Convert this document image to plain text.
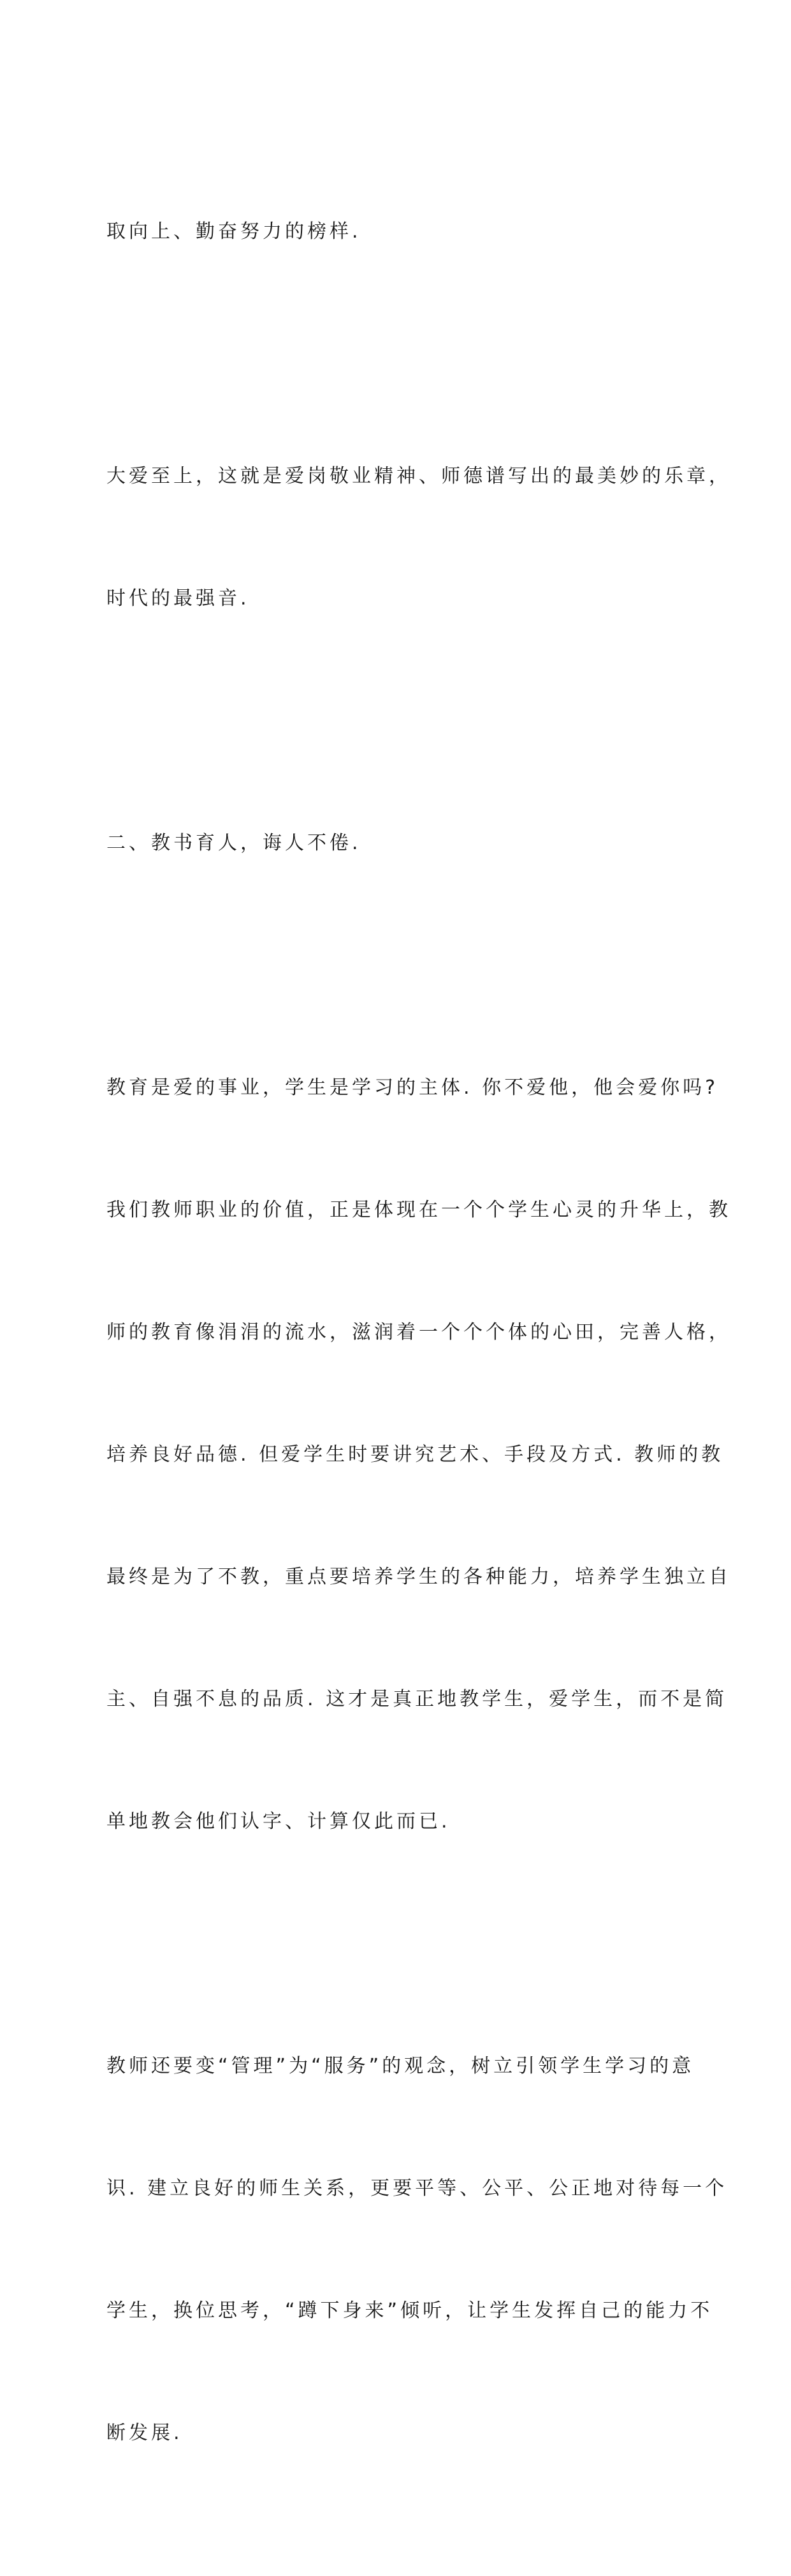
取向上、勤奋努力的榜样.

大爱至上，这就是爱岗敬业精神、师德谱写出的最美妙的乐章，

时代的最强音.

二、教书育人，诲人不倦.

教育是爱的事业，学生是学习的主体. 你不爱他，他会爱你吗?

我们教师职业的价值，正是体现在一个个学生心灵的升华上，教

师的教育像涓涓的流水，滋润着一个个个体的心田，完善人格，

培养良好品德. 但爱学生时要讲究艺术、手段及方式. 教师的教

最终是为了不教，重点要培养学生的各种能力，培养学生独立自

主、自强不息的品质. 这才是真正地教学生，爱学生，而不是简

单地教会他们认字、计算仅此而已.

教师还要变“管理”为“服务”的观念，树立引领学生学习的意

识. 建立良好的师生关系，更要平等、公平、公正地对待每一个

学生，换位思考，“蹲下身来”倾听，让学生发挥自己的能力不

断发展.
